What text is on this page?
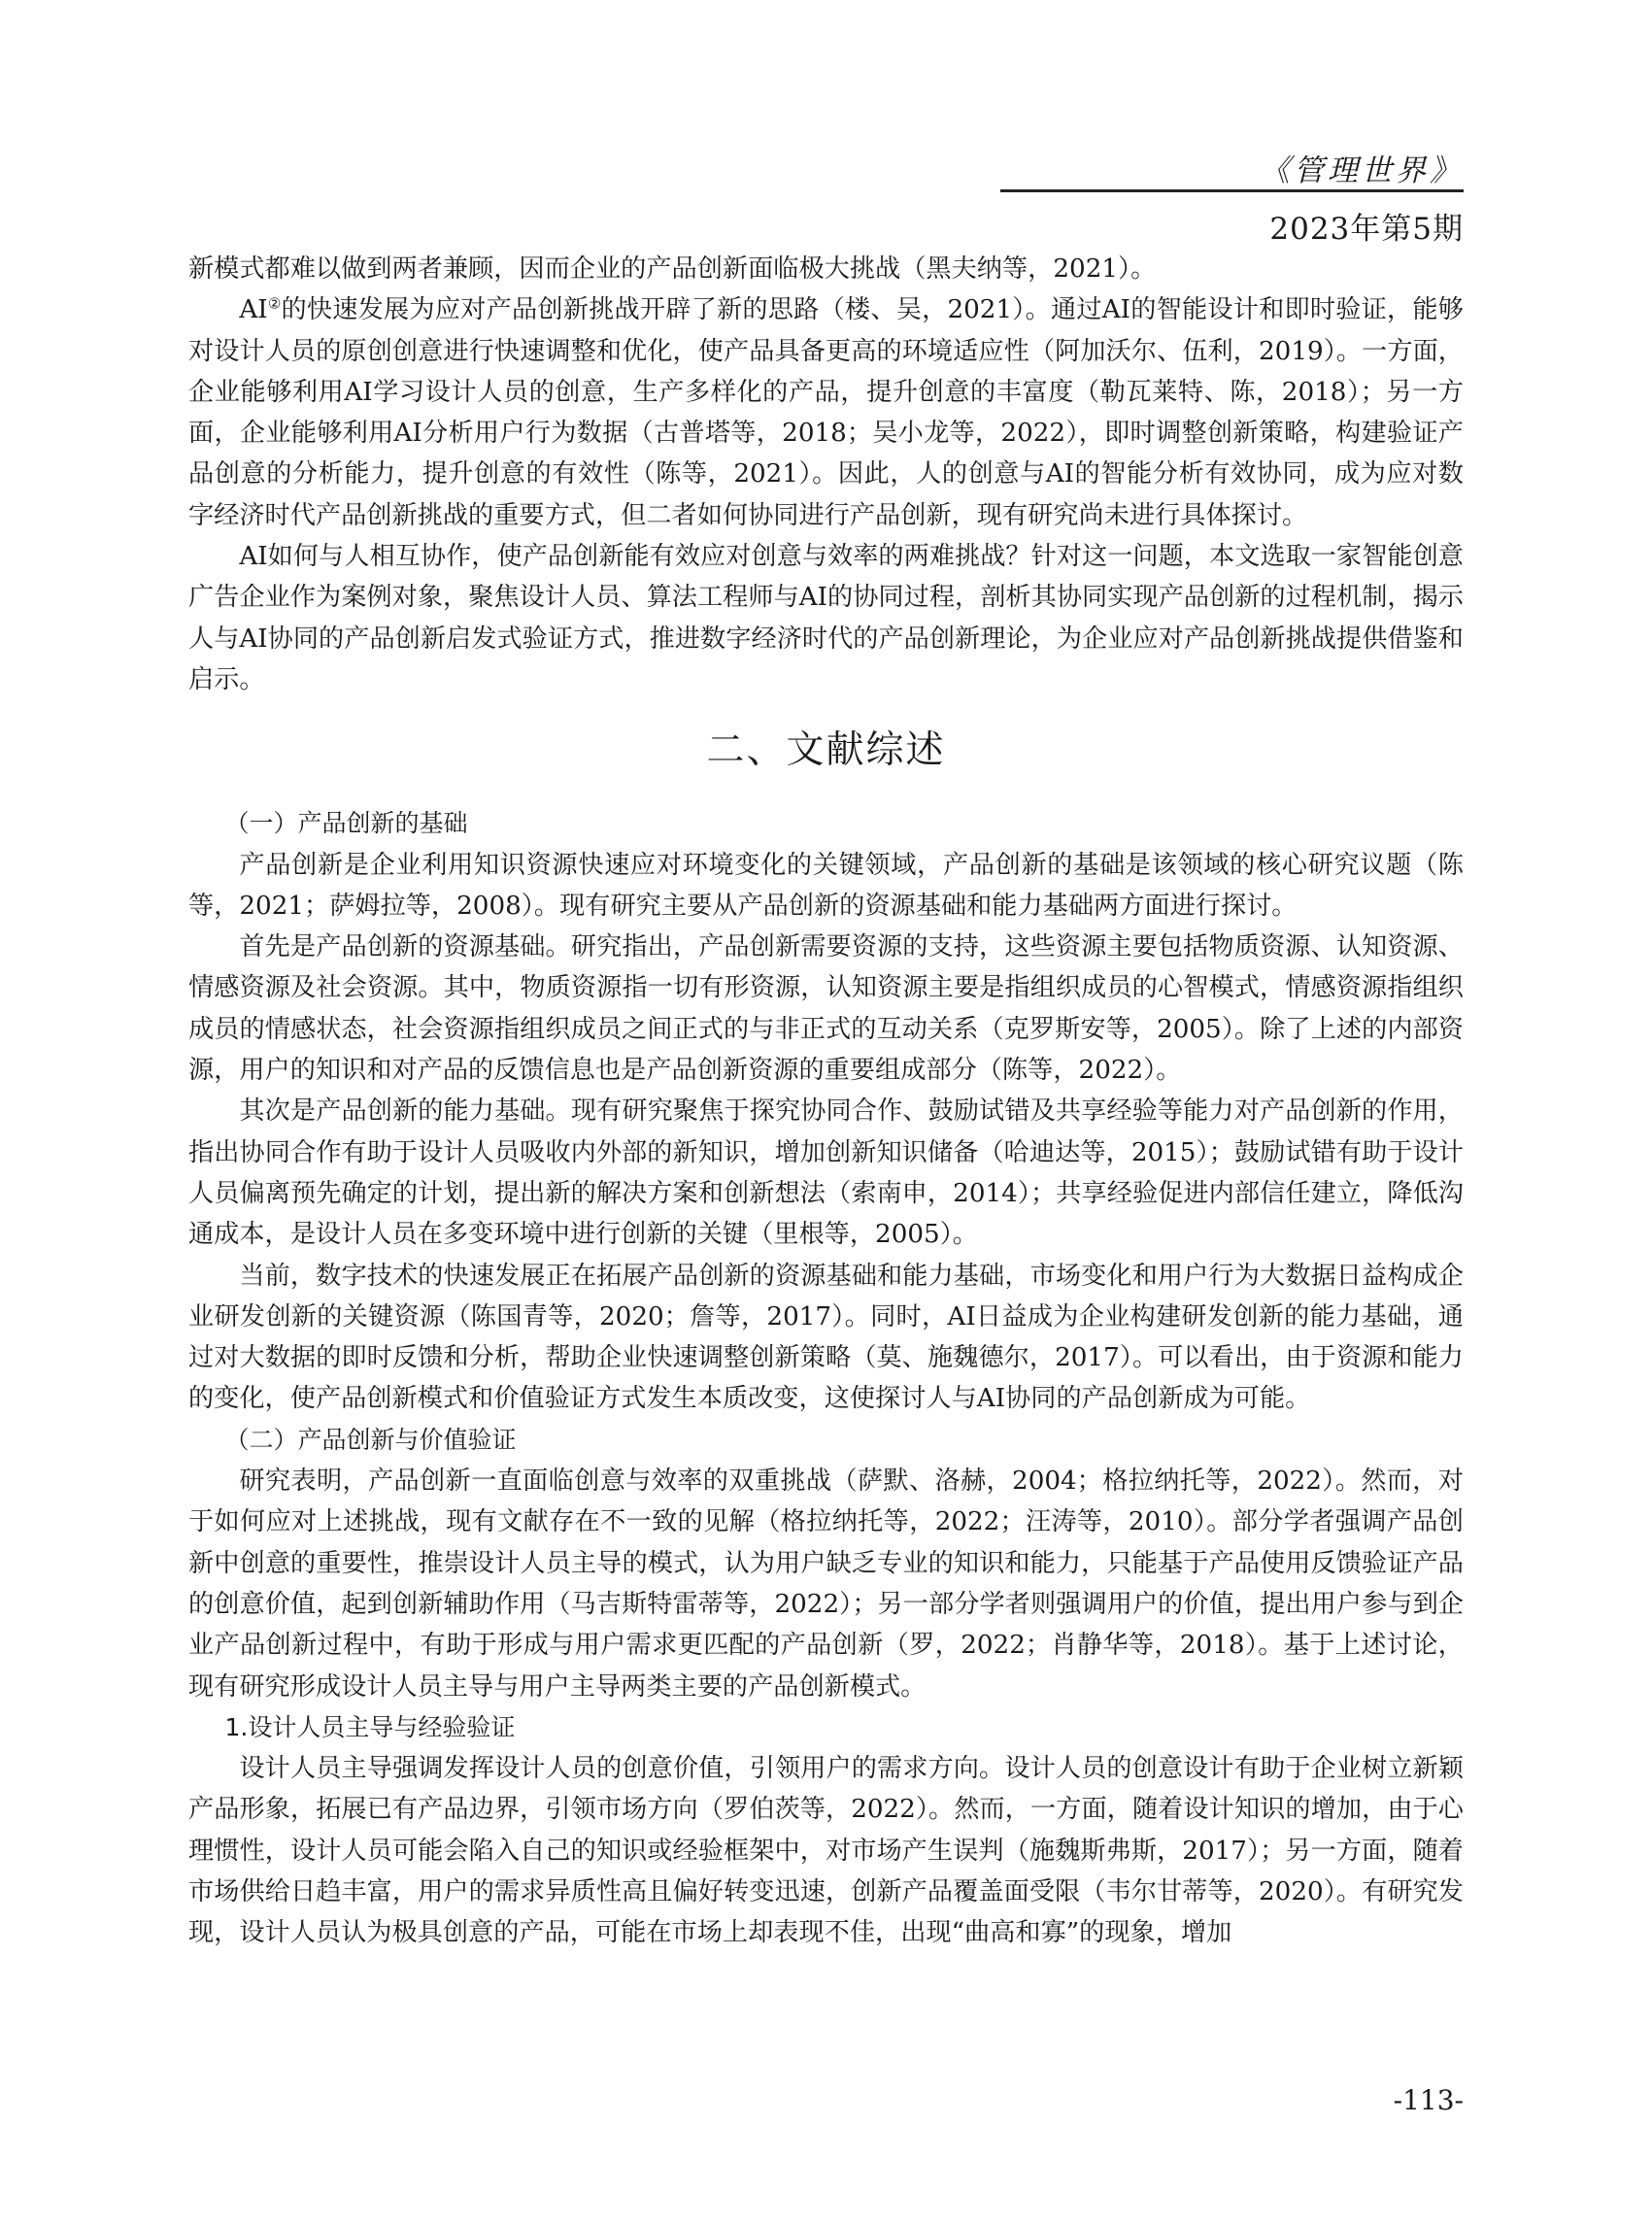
《管理世界》
2023年第5期

新模式都难以做到两者兼顾，因而企业的产品创新面临极大挑战（黑夫纳等，2021）。

AI②的快速发展为应对产品创新挑战开辟了新的思路（楼、吴，2021）。通过AI的智能设计和即时验证，能够对设计人员的原创创意进行快速调整和优化，使产品具备更高的环境适应性（阿加沃尔、伍利，2019）。一方面，企业能够利用AI学习设计人员的创意，生产多样化的产品，提升创意的丰富度（勒瓦莱特、陈，2018）；另一方面，企业能够利用AI分析用户行为数据（古普塔等，2018；吴小龙等，2022），即时调整创新策略，构建验证产品创意的分析能力，提升创意的有效性（陈等，2021）。因此，人的创意与AI的智能分析有效协同，成为应对数字经济时代产品创新挑战的重要方式，但二者如何协同进行产品创新，现有研究尚未进行具体探讨。

AI如何与人相互协作，使产品创新能有效应对创意与效率的两难挑战？针对这一问题，本文选取一家智能创意广告企业作为案例对象，聚焦设计人员、算法工程师与AI的协同过程，剖析其协同实现产品创新的过程机制，揭示人与AI协同的产品创新启发式验证方式，推进数字经济时代的产品创新理论，为企业应对产品创新挑战提供借鉴和启示。

二、文献综述
（一）产品创新的基础

产品创新是企业利用知识资源快速应对环境变化的关键领域，产品创新的基础是该领域的核心研究议题（陈等，2021；萨姆拉等，2008）。现有研究主要从产品创新的资源基础和能力基础两方面进行探讨。

首先是产品创新的资源基础。研究指出，产品创新需要资源的支持，这些资源主要包括物质资源、认知资源、情感资源及社会资源。其中，物质资源指一切有形资源，认知资源主要是指组织成员的心智模式，情感资源指组织成员的情感状态，社会资源指组织成员之间正式的与非正式的互动关系（克罗斯安等，2005）。除了上述的内部资源，用户的知识和对产品的反馈信息也是产品创新资源的重要组成部分（陈等，2022）。

其次是产品创新的能力基础。现有研究聚焦于探究协同合作、鼓励试错及共享经验等能力对产品创新的作用，指出协同合作有助于设计人员吸收内外部的新知识，增加创新知识储备（哈迪达等，2015）；鼓励试错有助于设计人员偏离预先确定的计划，提出新的解决方案和创新想法（索南申，2014）；共享经验促进内部信任建立，降低沟通成本，是设计人员在多变环境中进行创新的关键（里根等，2005）。

当前，数字技术的快速发展正在拓展产品创新的资源基础和能力基础，市场变化和用户行为大数据日益构成企业研发创新的关键资源（陈国青等，2020；詹等，2017）。同时，AI日益成为企业构建研发创新的能力基础，通过对大数据的即时反馈和分析，帮助企业快速调整创新策略（莫、施魏德尔，2017）。可以看出，由于资源和能力的变化，使产品创新模式和价值验证方式发生本质改变，这使探讨人与AI协同的产品创新成为可能。

（二）产品创新与价值验证

研究表明，产品创新一直面临创意与效率的双重挑战（萨默、洛赫，2004；格拉纳托等，2022）。然而，对于如何应对上述挑战，现有文献存在不一致的见解（格拉纳托等，2022；汪涛等，2010）。部分学者强调产品创新中创意的重要性，推崇设计人员主导的模式，认为用户缺乏专业的知识和能力，只能基于产品使用反馈验证产品的创意价值，起到创新辅助作用（马吉斯特雷蒂等，2022）；另一部分学者则强调用户的价值，提出用户参与到企业产品创新过程中，有助于形成与用户需求更匹配的产品创新（罗，2022；肖静华等，2018）。基于上述讨论，现有研究形成设计人员主导与用户主导两类主要的产品创新模式。

1.设计人员主导与经验验证

设计人员主导强调发挥设计人员的创意价值，引领用户的需求方向。设计人员的创意设计有助于企业树立新颖产品形象，拓展已有产品边界，引领市场方向（罗伯茨等，2022）。然而，一方面，随着设计知识的增加，由于心理惯性，设计人员可能会陷入自己的知识或经验框架中，对市场产生误判（施魏斯弗斯，2017）；另一方面，随着市场供给日趋丰富，用户的需求异质性高且偏好转变迅速，创新产品覆盖面受限（韦尔甘蒂等，2020）。有研究发现，设计人员认为极具创意的产品，可能在市场上却表现不佳，出现“曲高和寡”的现象，增加

-113-
